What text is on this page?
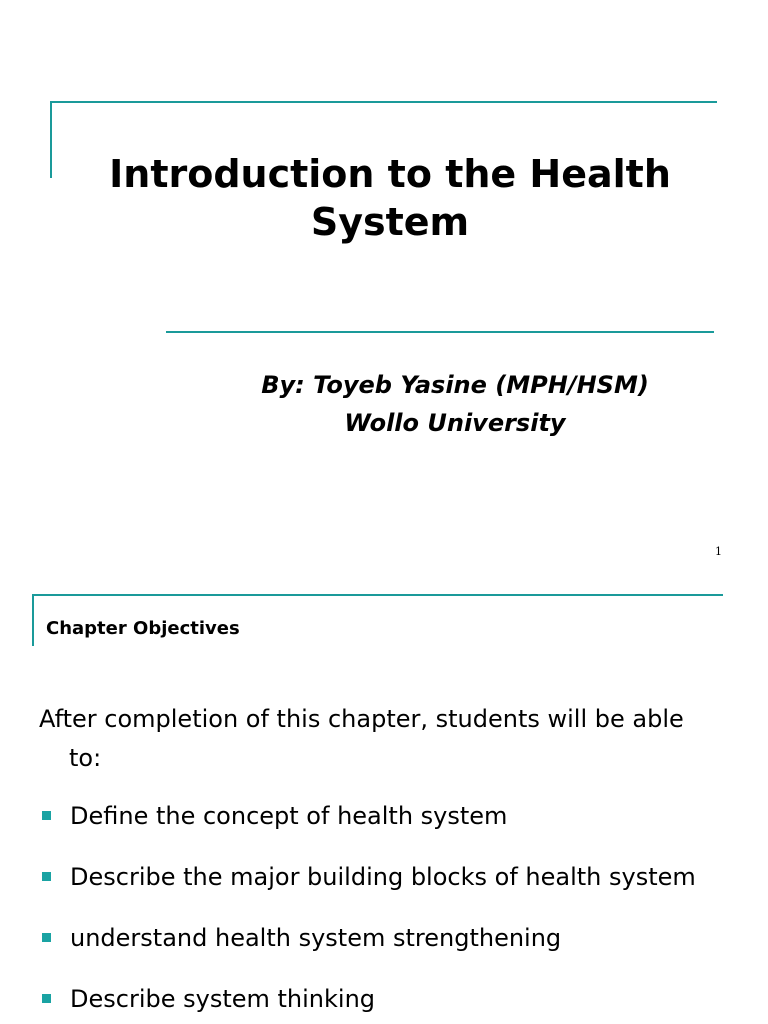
Introduction to the Health
System
By: Toyeb Yasine (MPH/HSM)
Wollo University
1
Chapter Objectives
After completion of this chapter, students will be able
to:
Define the concept of health system
Describe the major building blocks of health system
understand health system strengthening
Describe system thinking
